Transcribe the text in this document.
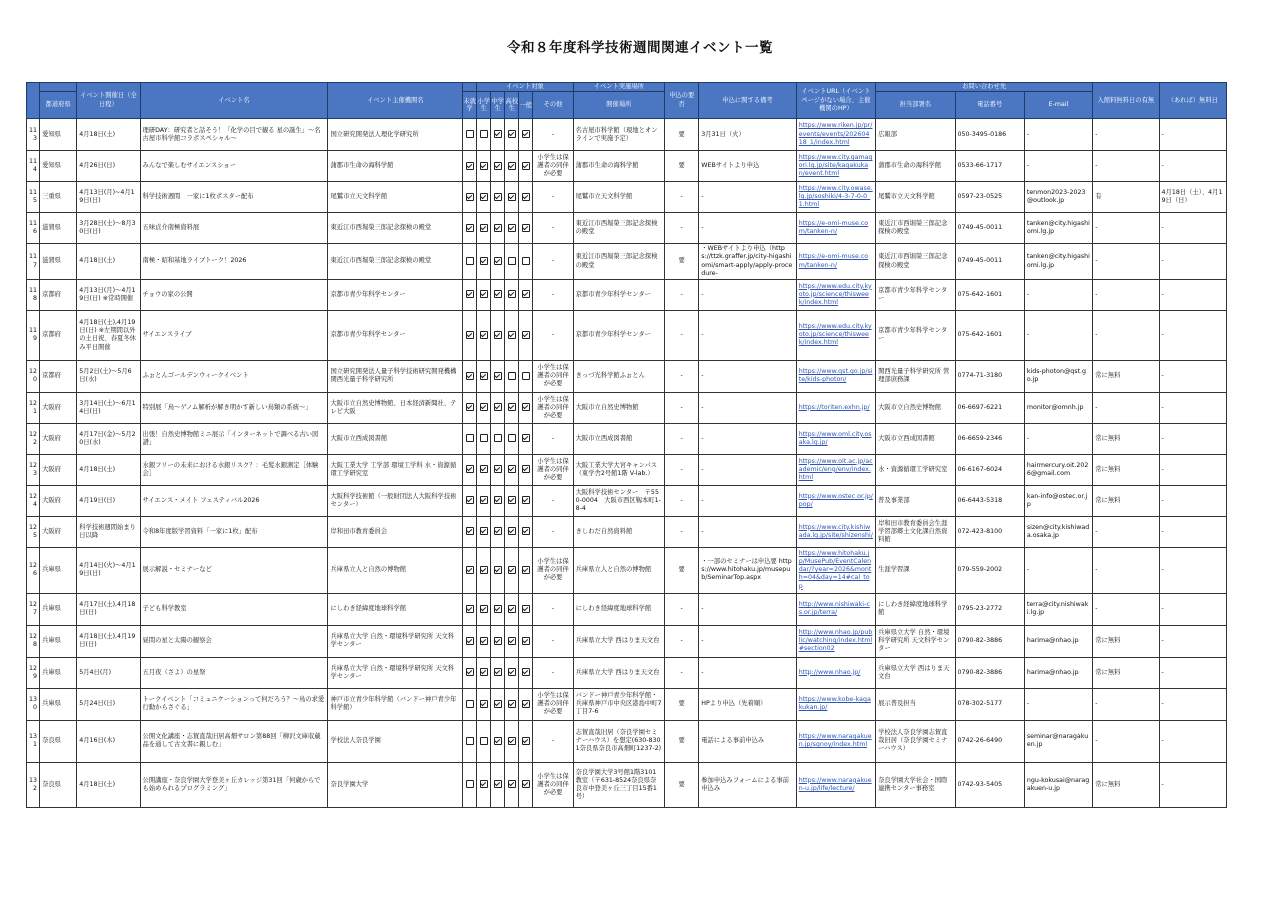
令和８年度科学技術週間関連イベント一覧
		イベント開催日（全日程）	イベント名	イベント主催機関名		イベント対象					イベント実施場所	申込の要否	申込に関する備考	イベントURL（イベントページがない場合、主催機関のHP）	お問い合わせ先			入館料無料日の有無	（あれば）無料日
	都道府県				未就学	小学生	中学生	高校生	一般	その他	開催場所				担当部署名	電話番号	E-mail		
113	愛知県	4月18日(土)	理研DAY：研究者と話そう！「化学の目で観る 星の誕生」～名古屋市科学館コラボスペシャル～	国立研究開発法人理化学研究所						-	名古屋市科学館（現地とオンラインで実施予定）	要	3月31日（火）	https://www.riken.jp/pr/events/events/20260418_1/index.html	広報部	050-3495-0186	-	-	-
114	愛知県	4月26日(日)	みんなで楽しむサイエンスショー	蒲郡市生命の海科学館						小学生は保護者の同伴が必要	蒲郡市生命の海科学館	要	WEBサイトより申込	https://www.city.gamagori.lg.jp/site/kagakukan/event.html	蒲郡市生命の海科学館	0533-66-1717	-	-	-
115	三重県	4月13日(月)~4月19日(日)	科学技術週間　一家に1枚ポスター配布	尾鷲市立天文科学館						-	尾鷲市立天文科学館	-	-	https://www.city.owase.lg.jp/soshiki/4-3-7-0-0_1.html	尾鷲市立天文科学館	0597-23-0525	tenmon2023-2023@outlook.jp	有	4月18日（土）、4月19日（日）
116	滋賀県	3月28日(土)～8月30日(日)	五味貞介南極資料展	東近江市西堀榮三郎記念探検の殿堂						-	東近江市西堀榮三郎記念探検の殿堂	-	-	https://e-omi-muse.com/tanken-n/	東近江市西堀榮三郎記念探検の殿堂	0749-45-0011	tanken@city.higashiomi.lg.jp	-	-
117	滋賀県	4月18日(土)	南極・昭和基地ライブトーク！2026	東近江市西堀榮三郎記念探検の殿堂						-	東近江市西堀榮三郎記念探検の殿堂	要	・WEBサイトより申込（https://ttzk.graffer.jp/city-higashiomi/smart-apply/apply-procedure-	https://e-omi-muse.com/tanken-n/	東近江市西堀榮三郎記念探検の殿堂	0749-45-0011	tanken@city.higashiomi.lg.jp	-	-
118	京都府	4月13日(月)～4月19日(日) ※常時開催	チョウの家の公開	京都市青少年科学センター						-	京都市青少年科学センター	-	-	https://www.edu.city.kyoto.jp/science/thisweek/index.html	京都市青少年科学センター	075-642-1601	-	-	-
119	京都府	4月18日(土),4月19日(日) ※左期間以外の土日祝、春夏冬休み平日開催	サイエンスライブ	京都市青少年科学センター						-	京都市青少年科学センター	-	-	https://www.edu.city.kyoto.jp/science/thisweek/index.html	京都市青少年科学センター	075-642-1601	-	-	-
120	京都府	5月2日(土)～5月6日(水)	ふぉとんゴールデンウィークイベント	国立研究開発法人量子科学技術研究開発機構 関西光量子科学研究所						小学生は保護者の同伴が必要	きっづ光科学館ふぉとん	-	-	https://www.qst.go.jp/site/kids-photon/	関西光量子科学研究所 管理部庶務課	0774-71-3180	kids-photon@qst.go.jp	常に無料	-
121	大阪府	3月14日(土)～6月14日(日)	特別展「鳥～ゲノム解析が解き明かす新しい鳥類の系統～」	大阪市立自然史博物館、日本経済新聞社、テレビ大阪						小学生は保護者の同伴が必要	大阪市立自然史博物館	-	-	https://toriten.exhn.jp/	大阪市立自然史博物館	06-6697-6221	monitor@omnh.jp	-	-
122	大阪府	4月17日(金)～5月20日(水)	出張！自然史博物館ミニ展示「インターネットで調べる古い図譜」	大阪市立西成図書館						-	大阪市立西成図書館	-	-	https://www.oml.city.osaka.lg.jp/	大阪市立西成図書館	06-6659-2346	-	常に無料	-
123	大阪府	4月18日(土)	水銀フリーの未来における水銀リスク？：毛髪水銀測定［体験会］	大阪工業大学 工学部 環境工学科 水・資源循環工学研究室						小学生は保護者の同伴が必要	大阪工業大学大宮キャンパス（東学舎2号館1階 V-lab.）	-	-	https://www.oit.ac.jp/academic/eng/env/index.html	水・資源循環工学研究室	06-6167-6024	hairmercury.oit.2026@gmail.com	常に無料	-
124	大阪府	4月19日(日)	サイエンス・メイト フェスティバル2026	大阪科学技術館（一般財団法人大阪科学技術センター）						-	大阪科学技術センター　〒550-0004　大阪市西区靱本町1-8-4	-	-	https://www.ostec.or.jp/pop/	普及事業部	06-6443-5318	kan-info@ostec.or.jp	常に無料	-
125	大阪府	科学技術週間始まり日以降	令和8年度版学習資料「一家に1枚」配布	岸和田市教育委員会						-	きしわだ自然資料館	-	-	https://www.city.kishiwada.lg.jp/site/shizenshi/	岸和田市教育委員会生涯学習部郷土文化課自然資料館	072-423-8100	sizen@city.kishiwada.osaka.jp	-	-
126	兵庫県	4月14日(火)～4月19日(日)	展示解説・セミナーなど	兵庫県立人と自然の博物館						小学生は保護者の同伴が必要	兵庫県立人と自然の博物館	要	・一部のセミナーは申込要 https://www.hitohaku.jp/musepub/SeminarTop.aspx	https://www.hitohaku.jp/MusePub/EventCalendar/?year=2026&month=04&day=14#cal_top	生涯学習課	079-559-2002	-	-	-
127	兵庫県	4月17日(土),4月18日(日)	子ども科学教室	にしわき経緯度地球科学館						-	にしわき経緯度地球科学館	-	-	http://www.nishiwaki-cs.or.jp/terra/	にしわき経緯度地球科学館	0795-23-2772	terra@city.nishiwaki.lg.jp	-	-
128	兵庫県	4月18日(土),4月19日(日)	昼間の星と太陽の観察会	兵庫県立大学 自然・環境科学研究所 天文科学センター						-	兵庫県立大学 西はりま天文台	-	-	http://www.nhao.jp/public/watching/index.html#section02	兵庫県立大学 自然・環境科学研究所 天文科学センター	0790-82-3886	harima@nhao.jp	常に無料	-
129	兵庫県	5月4日(月)	五月夜（さよ）の星祭	兵庫県立大学 自然・環境科学研究所 天文科学センター						-	兵庫県立大学 西はりま天文台	-	-	http://www.nhao.jp/	兵庫県立大学 西はりま天文台	0790-82-3886	harima@nhao.jp	常に無料	-
130	兵庫県	5月24日(日)	トークイベント「コミュニケーションって何だろう？～鳥の求愛行動からさぐる」	神戸市立青少年科学館（バンドー神戸青少年科学館）						小学生は保護者の同伴が必要	バンドー神戸青少年科学館・兵庫県神戸市中央区港島中町7丁目7-6	要	HPより申込（先着順）	https://www.kobe-kagakukan.jp/	展示普及担当	078-302-5177	-	-	-
131	奈良県	4月16日(木)	公開文化講座・志賀直哉旧居高畑サロン第88回「柳沢文庫収蔵品を通して古文書に親しむ」	学校法人奈良学園						-	志賀直哉旧居（奈良学園セミナーハウス）を想定(630-8301奈良県奈良市高畑町1237-2)	要	電話による事前申込み	https://www.naragakuen.jp/sgnoy/index.html	学校法人奈良学園志賀直哉旧居（奈良学園セミナーハウス）	0742-26-6490	seminar@naragakuen.jp	-	-
132	奈良県	4月18日(土)	公開講座・奈良学園大学登美ヶ丘カレッジ第31回「何歳からでも始められるプログラミング」	奈良学園大学						小学生は保護者の同伴が必要	奈良学園大学3号館1階3101教室（〒631-8524奈良県奈良市中登美ヶ丘三丁目15番1号）	要	参加申込みフォームによる事前申込み	https://www.naragakuen-u.jp/life/lecture/	奈良学園大学社会・国際連携センター事務室	0742-93-5405	ngu-kokusai@naragakuen-u.jp	常に無料	-
